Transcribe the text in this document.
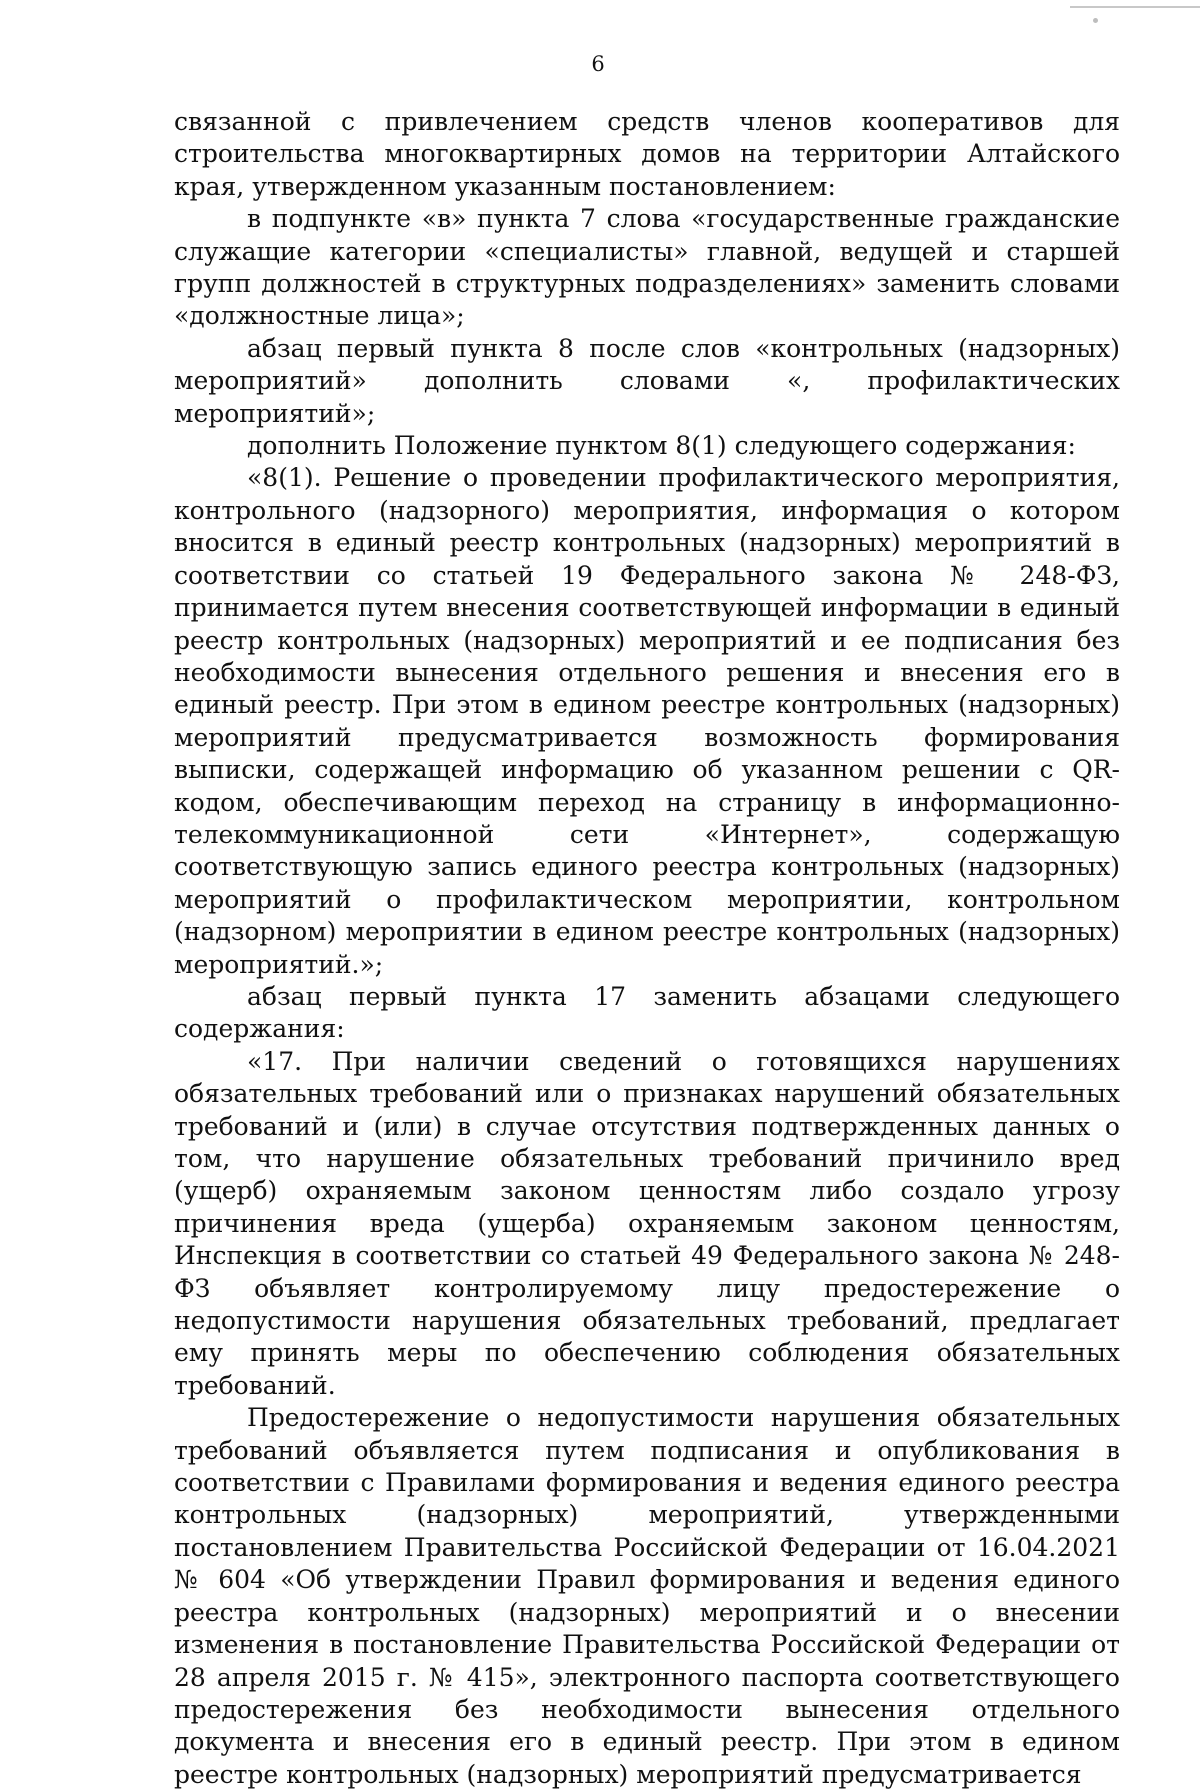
6

связанной с привлечением средств членов кооперативов для строительства многоквартирных домов на территории Алтайского края, утвержденном указанным постановлением:

в подпункте «в» пункта 7 слова «государственные гражданские служащие категории «специалисты» главной, ведущей и старшей групп должностей в структурных подразделениях» заменить словами «должностные лица»;

абзац первый пункта 8 после слов «контрольных (надзорных) мероприятий» дополнить словами «, профилактических мероприятий»;

дополнить Положение пунктом 8(1) следующего содержания:

«8(1). Решение о проведении профилактического мероприятия, контрольного (надзорного) мероприятия, информация о котором вносится в единый реестр контрольных (надзорных) мероприятий в соответствии со статьей 19 Федерального закона № 248-ФЗ, принимается путем внесения соответствующей информации в единый реестр контрольных (надзорных) мероприятий и ее подписания без необходимости вынесения отдельного решения и внесения его в единый реестр. При этом в едином реестре контрольных (надзорных) мероприятий предусматривается возможность формирования выписки, содержащей информацию об указанном решении с QR-кодом, обеспечивающим переход на страницу в информационно-телекоммуникационной сети «Интернет», содержащую соответствующую запись единого реестра контрольных (надзорных) мероприятий о профилактическом мероприятии, контрольном (надзорном) мероприятии в едином реестре контрольных (надзорных) мероприятий.»;

абзац первый пункта 17 заменить абзацами следующего содержания:

«17. При наличии сведений о готовящихся нарушениях обязательных требований или о признаках нарушений обязательных требований и (или) в случае отсутствия подтвержденных данных о том, что нарушение обязательных требований причинило вред (ущерб) охраняемым законом ценностям либо создало угрозу причинения вреда (ущерба) охраняемым законом ценностям, Инспекция в соответствии со статьей 49 Федерального закона № 248-ФЗ объявляет контролируемому лицу предостережение о недопустимости нарушения обязательных требований, предлагает ему принять меры по обеспечению соблюдения обязательных требований.

Предостережение о недопустимости нарушения обязательных требований объявляется путем подписания и опубликования в соответствии с Правилами формирования и ведения единого реестра контрольных (надзорных) мероприятий, утвержденными постановлением Правительства Российской Федерации от 16.04.2021 № 604 «Об утверждении Правил формирования и ведения единого реестра контрольных (надзорных) мероприятий и о внесении изменения в постановление Правительства Российской Федерации от 28 апреля 2015 г. № 415», электронного паспорта соответствующего предостережения без необходимости вынесения отдельного документа и внесения его в единый реестр. При этом в едином реестре контрольных (надзорных) мероприятий предусматривается
